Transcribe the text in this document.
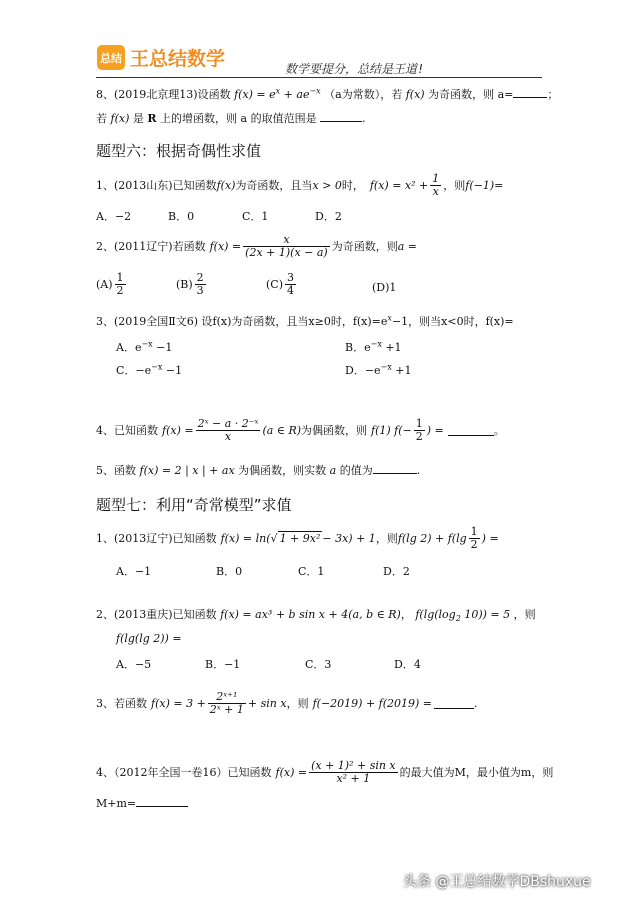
总结 王总结数学	数学要提分，总结是王道!
8、(2019北京理13)设函数 $f(x) = e^x + ae^{-x}$ （a为常数），若 f(x) 为奇函数，则 a=	；
若 f(x) 是 R 上的增函数，则 a 的取值范围是	.
题型六：根据奇偶性求值
1、(2013山东)已知函数 f(x) 为奇函数，且当 x > 0 时， $f(x) = x^2 + \frac{1}{x}$ ，则 f(−1)=
A．−2	B．0	C．1	D．2
2、(2011辽宁)若函数 $f(x) = \frac{x}{(2x + 1)(x - a)}$ 为奇函数，则 a =
$(A) \frac{1}{2}$	$(B) \frac{2}{3}$	$(C) \frac{3}{4}$	(D)1
3、(2019全国Ⅱ文6) 设f(x)为奇函数，且当x≥0时，$f(x)=e^x-1$，则当x<0时，f(x)=
A．$e^{-x} -1$	B．$e^{-x} +1$
C．$-e^{-x} -1$	D．$-e^{-x} +1$
4、已知函数 $f(x) = \frac{\text{2ˣ − a · 2⁻ˣ}}{x} (a$ ∈ R) 为偶函数，则 f(1) $f(- \frac{1}{2}$ ) =	。
5、函数 f(x) = 2 | x | + ax 为偶函数，则实数 a 的值为	.
题型七：利用“奇常模型”求值
1、(2013辽宁)已知函数 f(x) = ln( √ 1 + 9x² − 3x) + 1 ，则 f(lg $2) + f(\lg \frac{1}{2}$ ) =
A．−1	B．0	C．1	D．2
2、(2013重庆)已知函数 f(x) = ax³ + b sin x + 4(a, b ∈ R)， $f(\lg(\log_2$ 10)) = 5 ，则
f(lg(lg 2)) =
A．−5	B．−1	C．3	D．4
3、若函数 $f(x) = 3 + \frac{\text{2ˣ⁺¹}}{\text{2ˣ + 1}} + \sin x$ ，则 f(−2019) + f(2019) =	.
4、（2012年全国一卷16）已知函数 $f(x) = \frac{\text{(x + 1)² + sin x}}{\text{x² + 1}}$ 的最大值为M，最小值为m，则
M+m=
头条 @王总结数学DBshuxue
